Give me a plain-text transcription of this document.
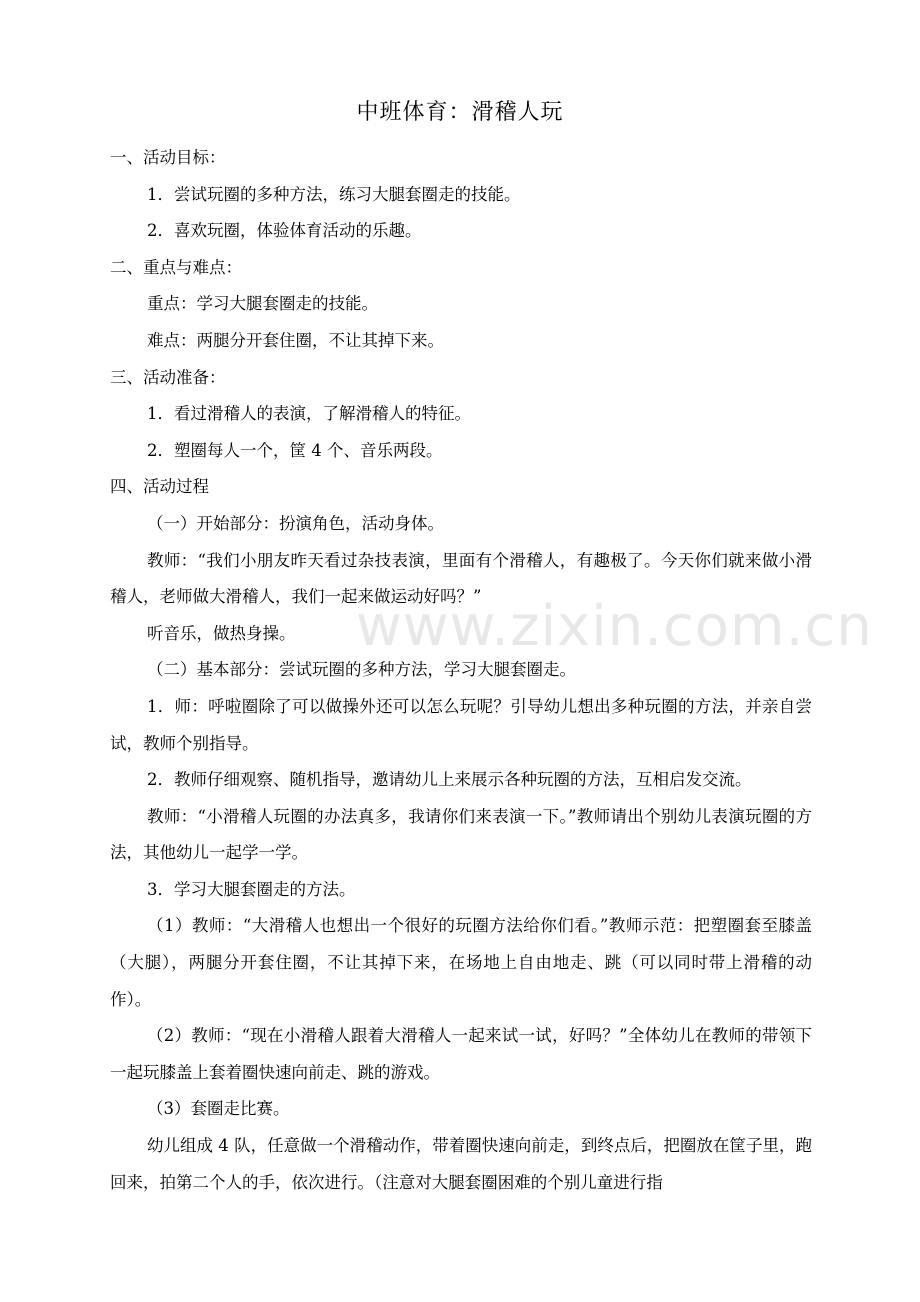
中班体育：滑稽人玩

一、活动目标：

1．尝试玩圈的多种方法，练习大腿套圈走的技能。

2．喜欢玩圈，体验体育活动的乐趣。

二、重点与难点：

重点：学习大腿套圈走的技能。

难点：两腿分开套住圈，不让其掉下来。

三、活动准备：

1．看过滑稽人的表演，了解滑稽人的特征。

2．塑圈每人一个，筐 4 个、音乐两段。

四、活动过程

（一）开始部分：扮演角色，活动身体。

教师：“我们小朋友昨天看过杂技表演，里面有个滑稽人，有趣极了。今天你们就来做小滑稽人，老师做大滑稽人，我们一起来做运动好吗？”

听音乐，做热身操。

（二）基本部分：尝试玩圈的多种方法，学习大腿套圈走。

1．师：呼啦圈除了可以做操外还可以怎么玩呢？引导幼儿想出多种玩圈的方法，并亲自尝试，教师个别指导。

2．教师仔细观察、随机指导，邀请幼儿上来展示各种玩圈的方法，互相启发交流。

教师：“小滑稽人玩圈的办法真多，我请你们来表演一下。”教师请出个别幼儿表演玩圈的方法，其他幼儿一起学一学。

3．学习大腿套圈走的方法。

（1）教师：“大滑稽人也想出一个很好的玩圈方法给你们看。”教师示范：把塑圈套至膝盖（大腿），两腿分开套住圈，不让其掉下来，在场地上自由地走、跳（可以同时带上滑稽的动作）。

（2）教师：“现在小滑稽人跟着大滑稽人一起来试一试，好吗？”全体幼儿在教师的带领下一起玩膝盖上套着圈快速向前走、跳的游戏。

（3）套圈走比赛。

幼儿组成 4 队，任意做一个滑稽动作，带着圈快速向前走，到终点后，把圈放在筐子里，跑回来，拍第二个人的手，依次进行。（注意对大腿套圈困难的个别儿童进行指

www.zixin.com.cn
